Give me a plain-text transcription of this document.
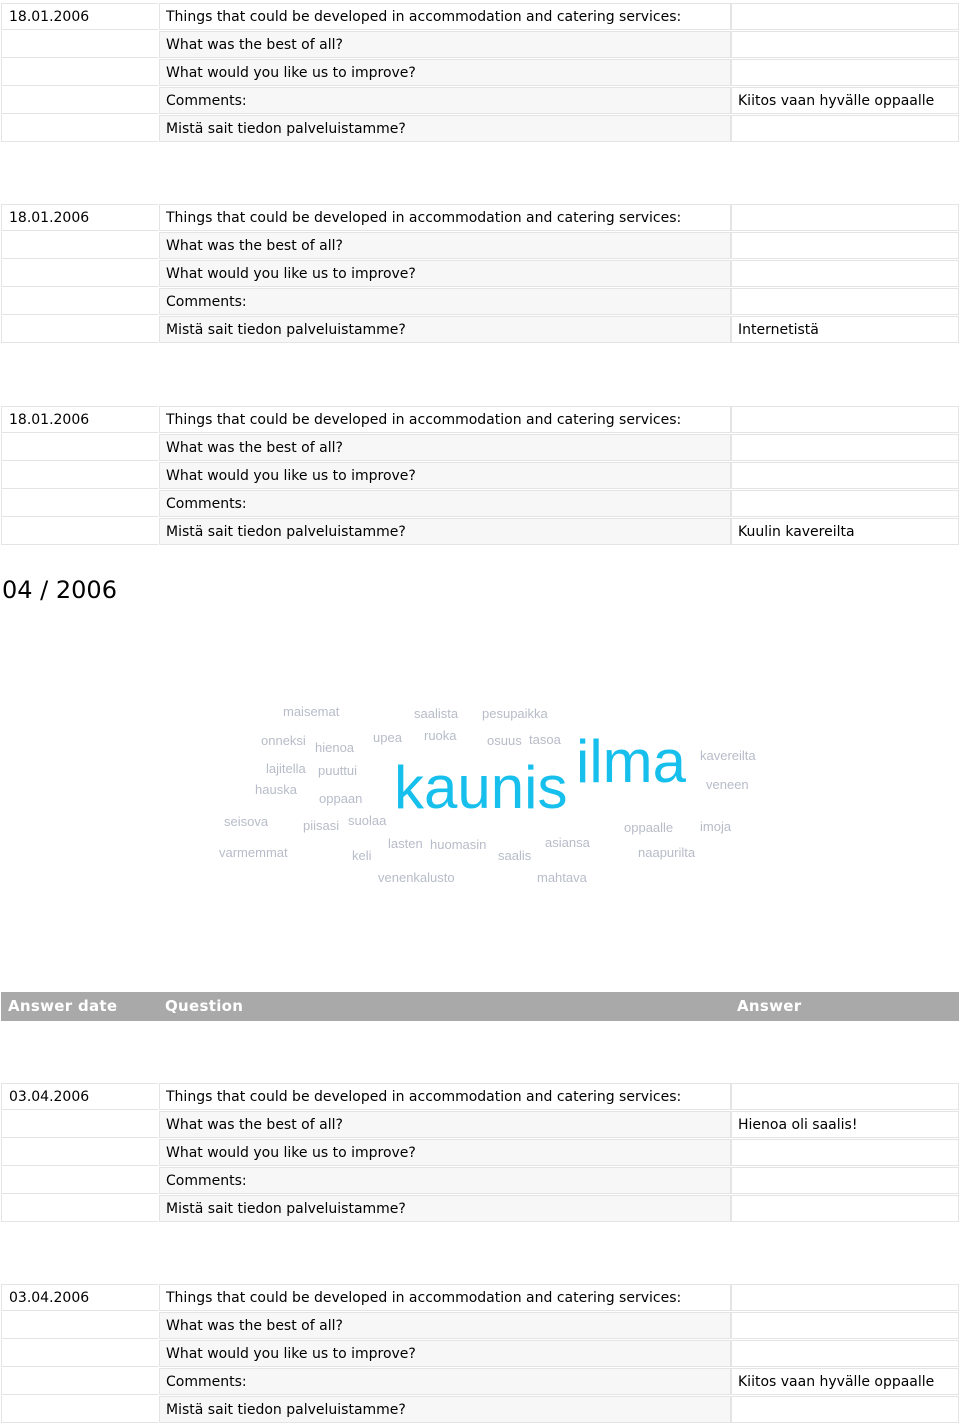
18.01.2006	Things that could be developed in accommodation and catering services:
What was the best of all?
What would you like us to improve?
Comments:	Kiitos vaan hyvälle oppaalle
Mistä sait tiedon palveluistamme?
18.01.2006	Things that could be developed in accommodation and catering services:
What was the best of all?
What would you like us to improve?
Comments:
Mistä sait tiedon palveluistamme?	Internetistä
18.01.2006	Things that could be developed in accommodation and catering services:
What was the best of all?
What would you like us to improve?
Comments:
Mistä sait tiedon palveluistamme?	Kuulin kavereilta
04 / 2006
maisemat	saalista pesupaikka
onneksi hienoa
upea ruoka osuus tasoa ilma kavereilta
lajitella puuttui kaunis	veneen
hauska
oppaan
seisova	piisasi suolaa	oppaalle imoja
lasten huomasin	asiansa
varmemmat	keli	saalis	naapurilta
venenkalusto	mahtava
Answer date	Question	Answer
03.04.2006	Things that could be developed in accommodation and catering services:
What was the best of all?	Hienoa oli saalis!
What would you like us to improve?
Comments:
Mistä sait tiedon palveluistamme?
03.04.2006	Things that could be developed in accommodation and catering services:
What was the best of all?
What would you like us to improve?
Comments:	Kiitos vaan hyvälle oppaalle
Mistä sait tiedon palveluistamme?
